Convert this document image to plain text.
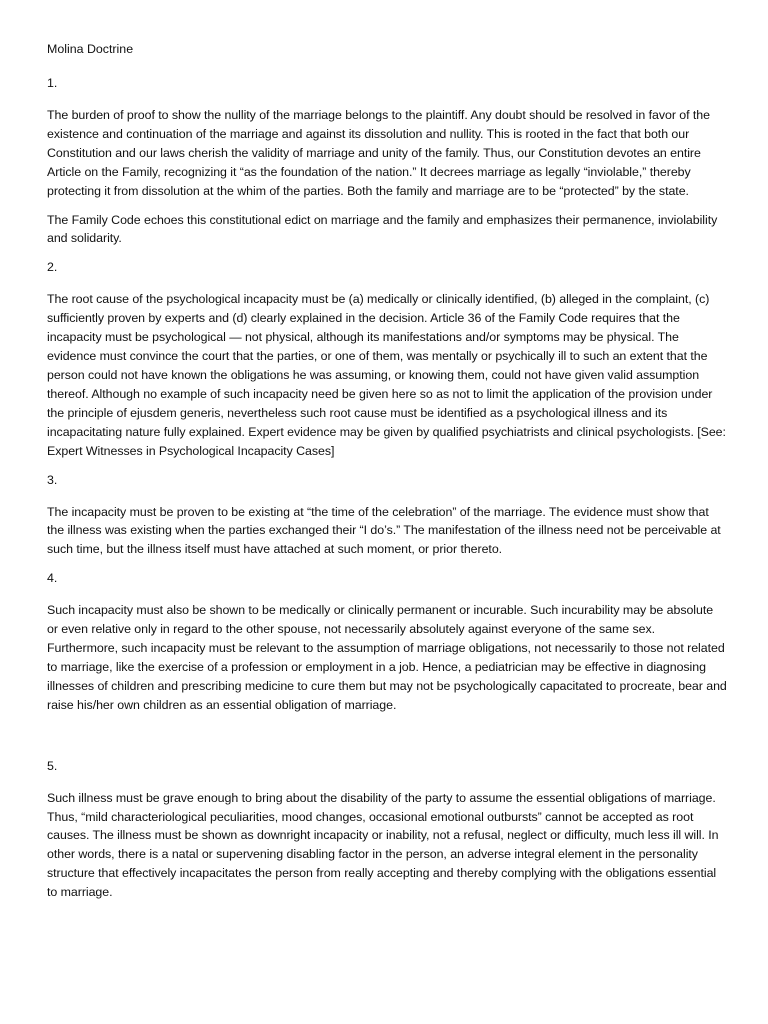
Molina Doctrine
1.

The burden of proof to show the nullity of the marriage belongs to the plaintiff. Any doubt should be resolved in favor of the existence and continuation of the marriage and against its dissolution and nullity. This is rooted in the fact that both our Constitution and our laws cherish the validity of marriage and unity of the family. Thus, our Constitution devotes an entire Article on the Family, recognizing it “as the foundation of the nation.” It decrees marriage as legally “inviolable,” thereby protecting it from dissolution at the whim of the parties. Both the family and marriage are to be “protected” by the state.

The Family Code echoes this constitutional edict on marriage and the family and emphasizes their permanence, inviolability and solidarity.

2.

The root cause of the psychological incapacity must be (a) medically or clinically identified, (b) alleged in the complaint, (c) sufficiently proven by experts and (d) clearly explained in the decision. Article 36 of the Family Code requires that the incapacity must be psychological — not physical, although its manifestations and/or symptoms may be physical. The evidence must convince the court that the parties, or one of them, was mentally or psychically ill to such an extent that the person could not have known the obligations he was assuming, or knowing them, could not have given valid assumption thereof. Although no example of such incapacity need be given here so as not to limit the application of the provision under the principle of ejusdem generis, nevertheless such root cause must be identified as a psychological illness and its incapacitating nature fully explained. Expert evidence may be given by qualified psychiatrists and clinical psychologists. [See: Expert Witnesses in Psychological Incapacity Cases]

3.

The incapacity must be proven to be existing at “the time of the celebration” of the marriage. The evidence must show that the illness was existing when the parties exchanged their “I do’s.” The manifestation of the illness need not be perceivable at such time, but the illness itself must have attached at such moment, or prior thereto.

4.

Such incapacity must also be shown to be medically or clinically permanent or incurable. Such incurability may be absolute or even relative only in regard to the other spouse, not necessarily absolutely against everyone of the same sex. Furthermore, such incapacity must be relevant to the assumption of marriage obligations, not necessarily to those not related to marriage, like the exercise of a profession or employment in a job. Hence, a pediatrician may be effective in diagnosing illnesses of children and prescribing medicine to cure them but may not be psychologically capacitated to procreate, bear and raise his/her own children as an essential obligation of marriage.

5.

Such illness must be grave enough to bring about the disability of the party to assume the essential obligations of marriage. Thus, “mild characteriological peculiarities, mood changes, occasional emotional outbursts” cannot be accepted as root causes. The illness must be shown as downright incapacity or inability, not a refusal, neglect or difficulty, much less ill will. In other words, there is a natal or supervening disabling factor in the person, an adverse integral element in the personality structure that effectively incapacitates the person from really accepting and thereby complying with the obligations essential to marriage.
